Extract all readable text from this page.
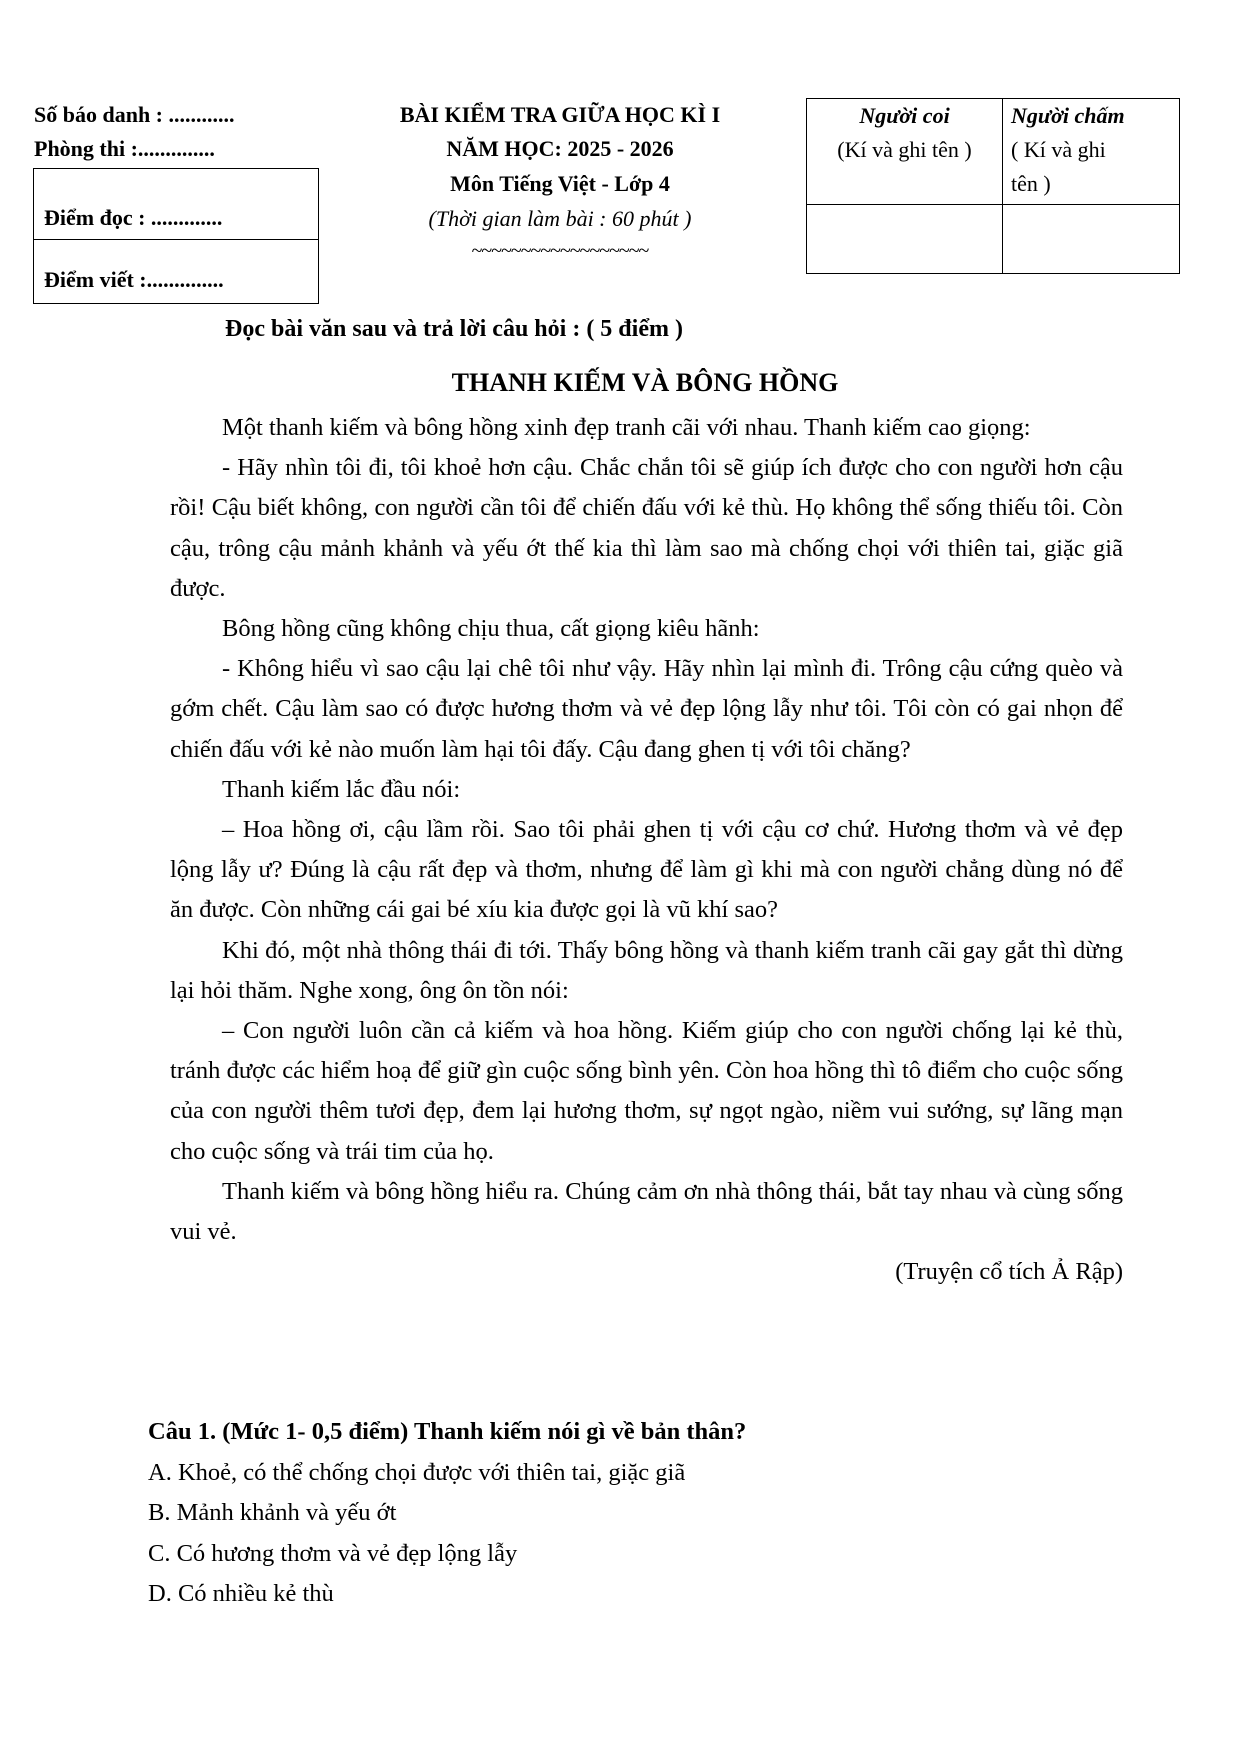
Số báo danh : ............
Phòng thi :..............
Điểm đọc : .............
Điểm viết :..............
BÀI KIỂM TRA GIỮA HỌC KÌ I
NĂM HỌC: 2025 - 2026
Môn Tiếng Việt - Lớp 4
(Thời gian làm bài : 60 phút )
~~~~~~~~~~~~~~~~~~
Người coi
(Kí và ghi tên )
Người chấm
( Kí và ghi
tên )
Đọc bài văn sau và trả lời câu hỏi : ( 5 điểm )
THANH KIẾM VÀ BÔNG HỒNG

Một thanh kiếm và bông hồng xinh đẹp tranh cãi với nhau. Thanh kiếm cao giọng:

- Hãy nhìn tôi đi, tôi khoẻ hơn cậu. Chắc chắn tôi sẽ giúp ích được cho con người hơn cậu rồi! Cậu biết không, con người cần tôi để chiến đấu với kẻ thù. Họ không thể sống thiếu tôi. Còn cậu, trông cậu mảnh khảnh và yếu ớt thế kia thì làm sao mà chống chọi với thiên tai, giặc giã được.

Bông hồng cũng không chịu thua, cất giọng kiêu hãnh:

- Không hiểu vì sao cậu lại chê tôi như vậy. Hãy nhìn lại mình đi. Trông cậu cứng quèo và gớm chết. Cậu làm sao có được hương thơm và vẻ đẹp lộng lẫy như tôi. Tôi còn có gai nhọn để chiến đấu với kẻ nào muốn làm hại tôi đấy. Cậu đang ghen tị với tôi chăng?

Thanh kiếm lắc đầu nói:

– Hoa hồng ơi, cậu lầm rồi. Sao tôi phải ghen tị với cậu cơ chứ. Hương thơm và vẻ đẹp lộng lẫy ư? Đúng là cậu rất đẹp và thơm, nhưng để làm gì khi mà con người chẳng dùng nó để ăn được. Còn những cái gai bé xíu kia được gọi là vũ khí sao?

Khi đó, một nhà thông thái đi tới. Thấy bông hồng và thanh kiếm tranh cãi gay gắt thì dừng lại hỏi thăm. Nghe xong, ông ôn tồn nói:

– Con người luôn cần cả kiếm và hoa hồng. Kiếm giúp cho con người chống lại kẻ thù, tránh được các hiểm hoạ để giữ gìn cuộc sống bình yên. Còn hoa hồng thì tô điểm cho cuộc sống của con người thêm tươi đẹp, đem lại hương thơm, sự ngọt ngào, niềm vui sướng, sự lãng mạn cho cuộc sống và trái tim của họ.

Thanh kiếm và bông hồng hiểu ra. Chúng cảm ơn nhà thông thái, bắt tay nhau và cùng sống vui vẻ.

(Truyện cổ tích Ả Rập)

Câu 1. (Mức 1- 0,5 điểm) Thanh kiếm nói gì về bản thân?
A. Khoẻ, có thể chống chọi được với thiên tai, giặc giã
B. Mảnh khảnh và yếu ớt
C. Có hương thơm và vẻ đẹp lộng lẫy
D. Có nhiều kẻ thù
